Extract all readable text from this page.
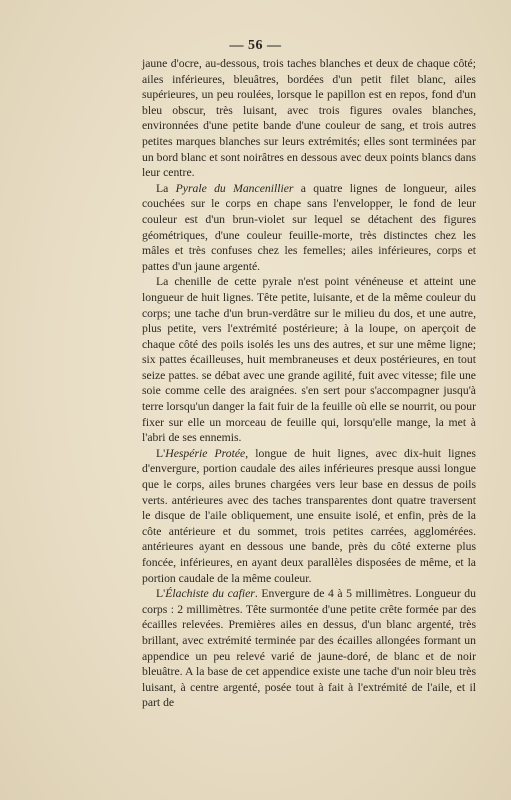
— 56 —

jaune d'ocre, au-dessous, trois taches blanches et deux de chaque côté; ailes inférieures, bleuâtres, bordées d'un petit filet blanc, ailes supérieures, un peu roulées, lorsque le papillon est en repos, fond d'un bleu obscur, très luisant, avec trois figures ovales blanches, environnées d'une petite bande d'une couleur de sang, et trois autres petites marques blanches sur leurs extrémités; elles sont terminées par un bord blanc et sont noirâtres en dessous avec deux points blancs dans leur centre.

La Pyrale du Mancenillier a quatre lignes de longueur, ailes couchées sur le corps en chape sans l'envelopper, le fond de leur couleur est d'un brun-violet sur lequel se détachent des figures géométriques, d'une couleur feuille-morte, très distinctes chez les mâles et très confuses chez les femelles; ailes inférieures, corps et pattes d'un jaune argenté.

La chenille de cette pyrale n'est point vénéneuse et atteint une longueur de huit lignes. Tête petite, luisante, et de la même couleur du corps; une tache d'un brun-verdâtre sur le milieu du dos, et une autre, plus petite, vers l'extrémité postérieure; à la loupe, on aperçoit de chaque côté des poils isolés les uns des autres, et sur une même ligne; six pattes écailleuses, huit membraneuses et deux postérieures, en tout seize pattes. se débat avec une grande agilité, fuit avec vitesse; file une soie comme celle des araignées. s'en sert pour s'accompagner jusqu'à terre lorsqu'un danger la fait fuir de la feuille où elle se nourrit, ou pour fixer sur elle un morceau de feuille qui, lorsqu'elle mange, la met à l'abri de ses ennemis.

L'Hespérie Protée, longue de huit lignes, avec dix-huit lignes d'envergure, portion caudale des ailes inférieures presque aussi longue que le corps, ailes brunes chargées vers leur base en dessus de poils verts. antérieures avec des taches transparentes dont quatre traversent le disque de l'aile obliquement, une ensuite isolé, et enfin, près de la côte antérieure et du sommet, trois petites carrées, agglomérées. antérieures ayant en dessous une bande, près du côté externe plus foncée, inférieures, en ayant deux parallèles disposées de même, et la portion caudale de la même couleur.

L'Élachiste du cafier. Envergure de 4 à 5 millimètres. Longueur du corps : 2 millimètres. Tête surmontée d'une petite crête formée par des écailles relevées. Premières ailes en dessus, d'un blanc argenté, très brillant, avec extrémité terminée par des écailles allongées formant un appendice un peu relevé varié de jaune-doré, de blanc et de noir bleuâtre. A la base de cet appendice existe une tache d'un noir bleu très luisant, à centre argenté, posée tout à fait à l'extrémité de l'aile, et il part de
